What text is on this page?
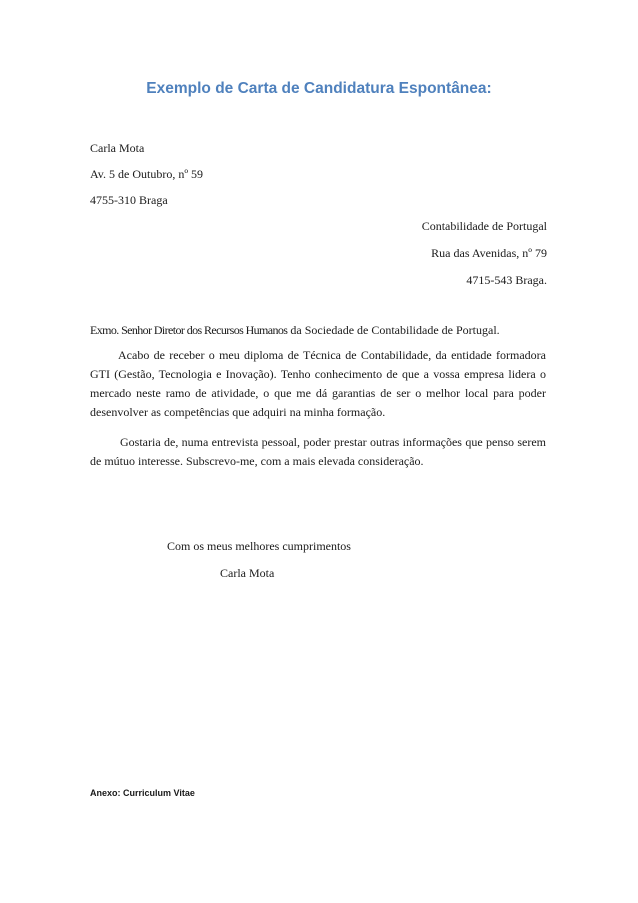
Exemplo de Carta de Candidatura Espontânea:
Carla Mota
Av. 5 de Outubro, nº 59
4755-310 Braga
Contabilidade de Portugal
Rua das Avenidas, nº 79
4715-543 Braga.
Exmo. Senhor Diretor dos Recursos Humanos da Sociedade de Contabilidade de Portugal.
Acabo de receber o meu diploma de Técnica de Contabilidade, da entidade formadora GTI (Gestão, Tecnologia e Inovação). Tenho conhecimento de que a vossa empresa lidera o mercado neste ramo de atividade, o que me dá garantias de ser o melhor local para poder desenvolver as competências que adquiri na minha formação.
Gostaria de, numa entrevista pessoal, poder prestar outras informações que penso serem de mútuo interesse. Subscrevo-me, com a mais elevada consideração.
Com os meus melhores cumprimentos
Carla Mota
Anexo: Curriculum Vitae
